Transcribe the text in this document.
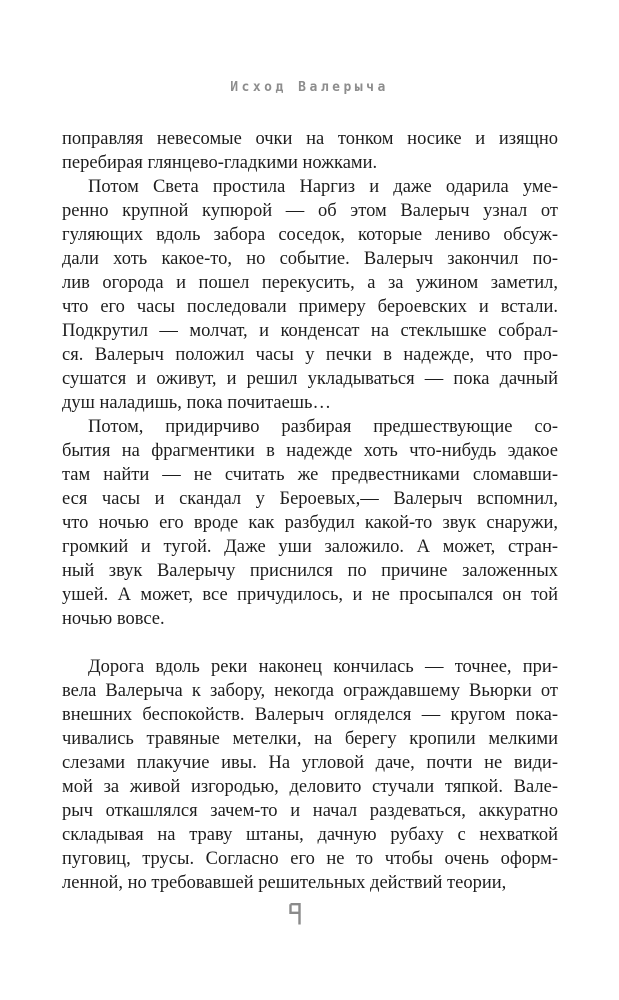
Исход Валерыча
поправляя невесомые очки на тонком носике и изящно
перебирая глянцево-гладкими ножками.
Потом Света простила Наргиз и даже одарила уме-
ренно крупной купюрой — об этом Валерыч узнал от
гуляющих вдоль забора соседок, которые лениво обсуж-
дали хоть какое-то, но событие. Валерыч закончил по-
лив огорода и пошел перекусить, а за ужином заметил,
что его часы последовали примеру бероевских и встали.
Подкрутил — молчат, и конденсат на стеклышке собрал-
ся. Валерыч положил часы у печки в надежде, что про-
сушатся и оживут, и решил укладываться — пока дачный
душ наладишь, пока почитаешь…
Потом, придирчиво разбирая предшествующие со-
бытия на фрагментики в надежде хоть что-нибудь эдакое
там найти — не считать же предвестниками сломавши-
еся часы и скандал у Бероевых,— Валерыч вспомнил,
что ночью его вроде как разбудил какой-то звук снаружи,
громкий и тугой. Даже уши заложило. А может, стран-
ный звук Валерычу приснился по причине заложенных
ушей. А может, все причудилось, и не просыпался он той
ночью вовсе.
Дорога вдоль реки наконец кончилась — точнее, при-
вела Валерыча к забору, некогда ограждавшему Вьюрки от
внешних беспокойств. Валерыч огляделся — кругом пока-
чивались травяные метелки, на берегу кропили мелкими
слезами плакучие ивы. На угловой даче, почти не види-
мой за живой изгородью, деловито стучали тяпкой. Вале-
рыч откашлялся зачем-то и начал раздеваться, аккуратно
складывая на траву штаны, дачную рубаху с нехваткой
пуговиц, трусы. Согласно его не то чтобы очень оформ-
ленной, но требовавшей решительных действий теории,
